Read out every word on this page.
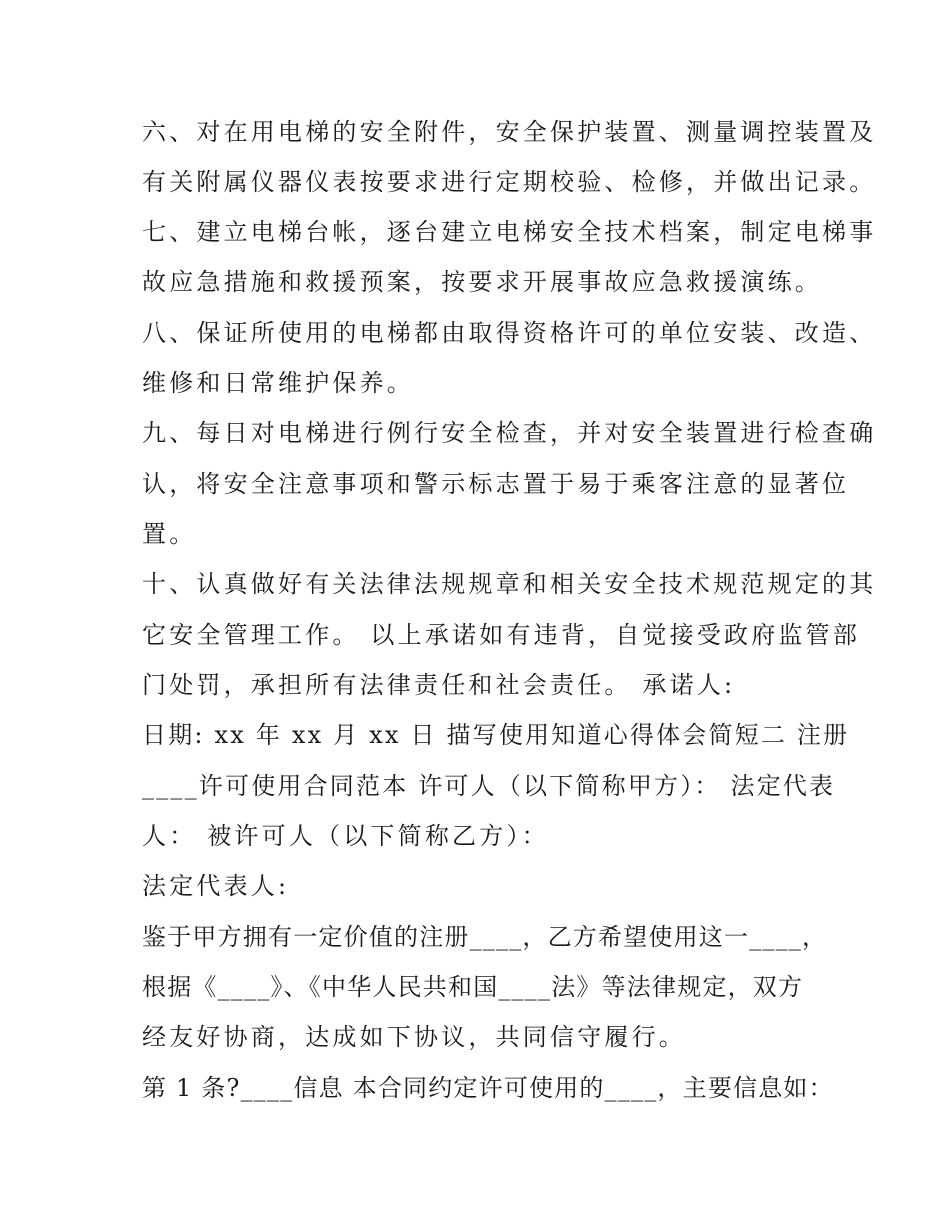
六、对在用电梯的安全附件，安全保护装置、测量调控装置及
有关附属仪器仪表按要求进行定期校验、检修，并做出记录。
七、建立电梯台帐，逐台建立电梯安全技术档案，制定电梯事
故应急措施和救援预案，按要求开展事故应急救援演练。
八、保证所使用的电梯都由取得资格许可的单位安装、改造、
维修和日常维护保养。
九、每日对电梯进行例行安全检查，并对安全装置进行检查确
认，将安全注意事项和警示标志置于易于乘客注意的显著位
置。
十、认真做好有关法律法规规章和相关安全技术规范规定的其
它安全管理工作。 以上承诺如有违背，自觉接受政府监管部
门处罚，承担所有法律责任和社会责任。 承诺人:
日期: xx 年 xx 月 xx 日 描写使用知道心得体会简短二 注册
____许可使用合同范本 许可人（以下简称甲方）： 法定代表
人： 被许可人（以下简称乙方）：
法定代表人:
鉴于甲方拥有一定价值的注册____，乙方希望使用这一____，
根据《____》、《中华人民共和国____法》等法律规定，双方
经友好协商，达成如下协议，共同信守履行。
第 1 条?____信息 本合同约定许可使用的____，主要信息如：
